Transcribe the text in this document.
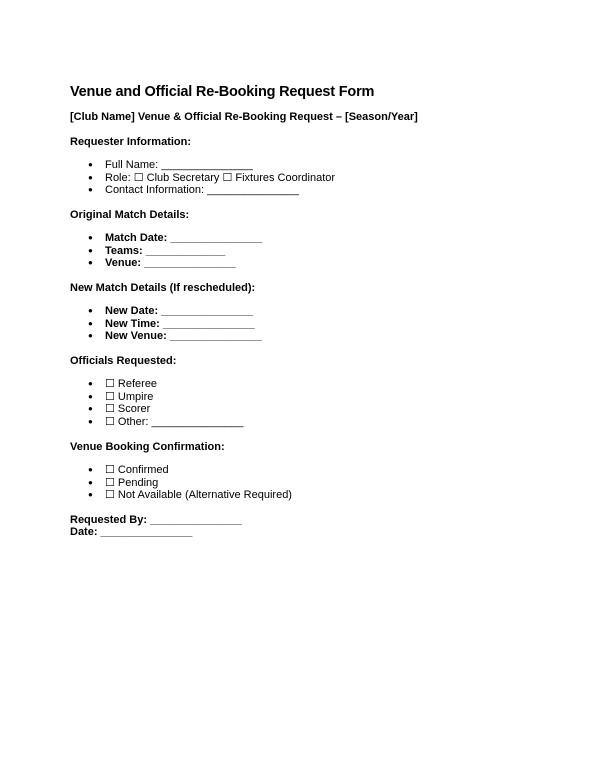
Venue and Official Re-Booking Request Form
[Club Name] Venue & Official Re-Booking Request – [Season/Year]
Requester Information:
● Full Name: _______________
● Role: ☐ Club Secretary ☐ Fixtures Coordinator
● Contact Information: _______________
Original Match Details:
● Match Date: _______________
● Teams: _____________
● Venue: _______________
New Match Details (If rescheduled):
● New Date: _______________
● New Time: _______________
● New Venue: _______________
Officials Requested:
● ☐ Referee
● ☐ Umpire
● ☐ Scorer
● ☐ Other: _______________
Venue Booking Confirmation:
● ☐ Confirmed
● ☐ Pending
● ☐ Not Available (Alternative Required)
Requested By: _______________
Date: _______________
